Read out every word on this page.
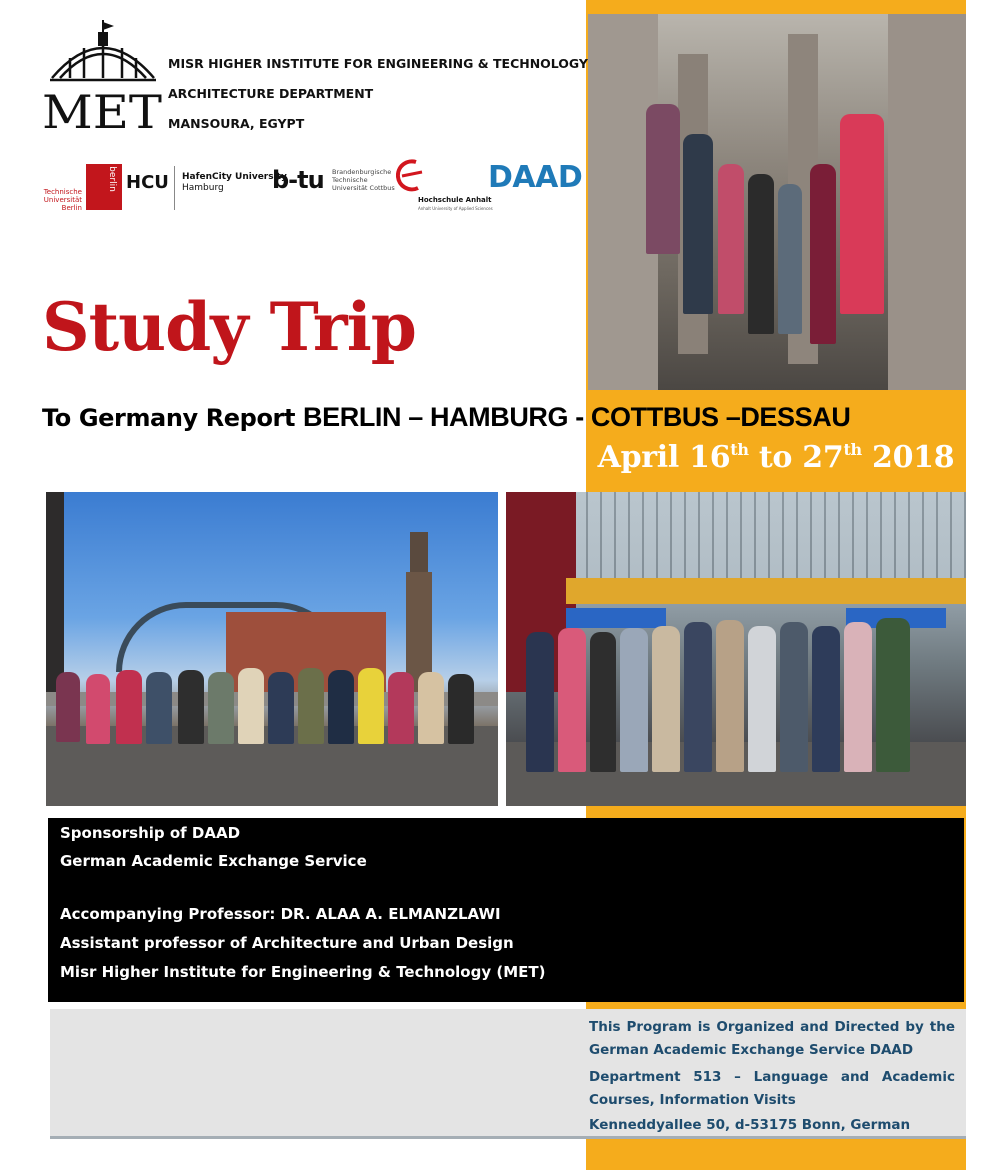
MET
MISR HIGHER INSTITUTE FOR ENGINEERING & TECHNOLOGY
ARCHITECTURE DEPARTMENT
MANSOURA, EGYPT
Technische Universität Berlin
berlin HCU HafenCity University
Hamburg	b-tu Brandenburgische Technische Universität Cottbus
Hochschule Anhalt
Anhalt University of Applied Sciences
DAAD
Study Trip
To Germany Report BERLIN – HAMBURG - COTTBUS –DESSAU
April 16th to 27th 2018
Sponsorship of DAAD
German Academic Exchange Service
Accompanying Professor: DR. ALAA A. ELMANZLAWI
Assistant professor of Architecture and Urban Design
Misr Higher Institute for Engineering & Technology (MET)
This Program is Organized and Directed by the
German Academic Exchange Service DAAD
Department 513 – Language and Academic
Courses, Information Visits
Kenneddyallee 50, d-53175 Bonn, German
